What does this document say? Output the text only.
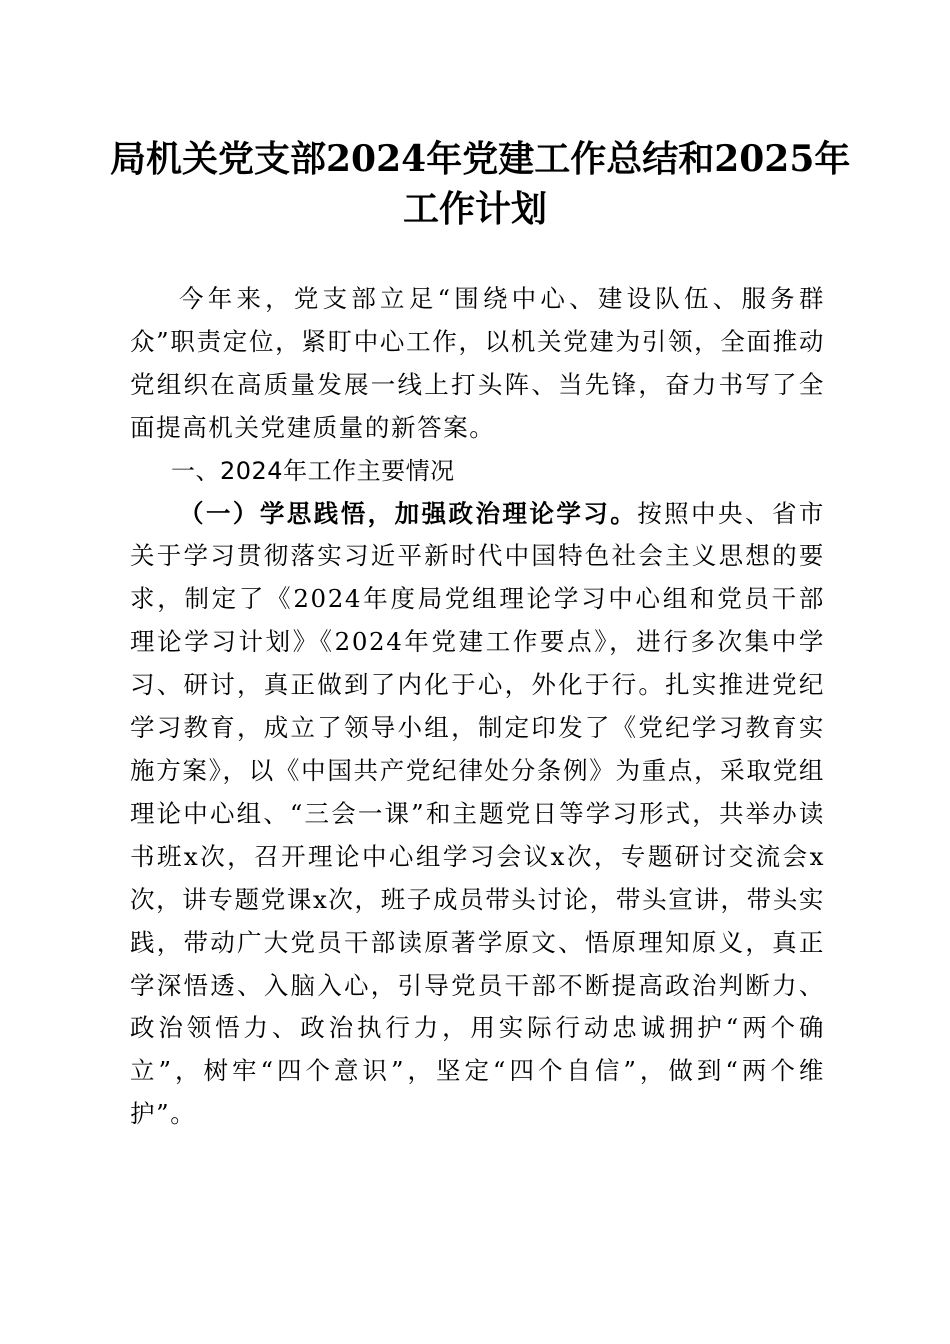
局机关党支部2024年党建工作总结和2025年
工作计划

今年来，党支部立足“围绕中心、建设队伍、服务群众”职责定位，紧盯中心工作，以机关党建为引领，全面推动党组织在高质量发展一线上打头阵、当先锋，奋力书写了全面提高机关党建质量的新答案。

一、2024年工作主要情况

（一）学思践悟，加强政治理论学习。按照中央、省市关于学习贯彻落实习近平新时代中国特色社会主义思想的要求，制定了《2024年度局党组理论学习中心组和党员干部理论学习计划》《2024年党建工作要点》，进行多次集中学习、研讨，真正做到了内化于心，外化于行。扎实推进党纪学习教育，成立了领导小组，制定印发了《党纪学习教育实施方案》，以《中国共产党纪律处分条例》为重点，采取党组理论中心组、“三会一课”和主题党日等学习形式，共举办读书班x次，召开理论中心组学习会议x次，专题研讨交流会x次，讲专题党课x次，班子成员带头讨论，带头宣讲，带头实践，带动广大党员干部读原著学原文、悟原理知原义，真正学深悟透、入脑入心，引导党员干部不断提高政治判断力、政治领悟力、政治执行力，用实际行动忠诚拥护“两个确立”，树牢“四个意识”，坚定“四个自信”，做到“两个维护”。
